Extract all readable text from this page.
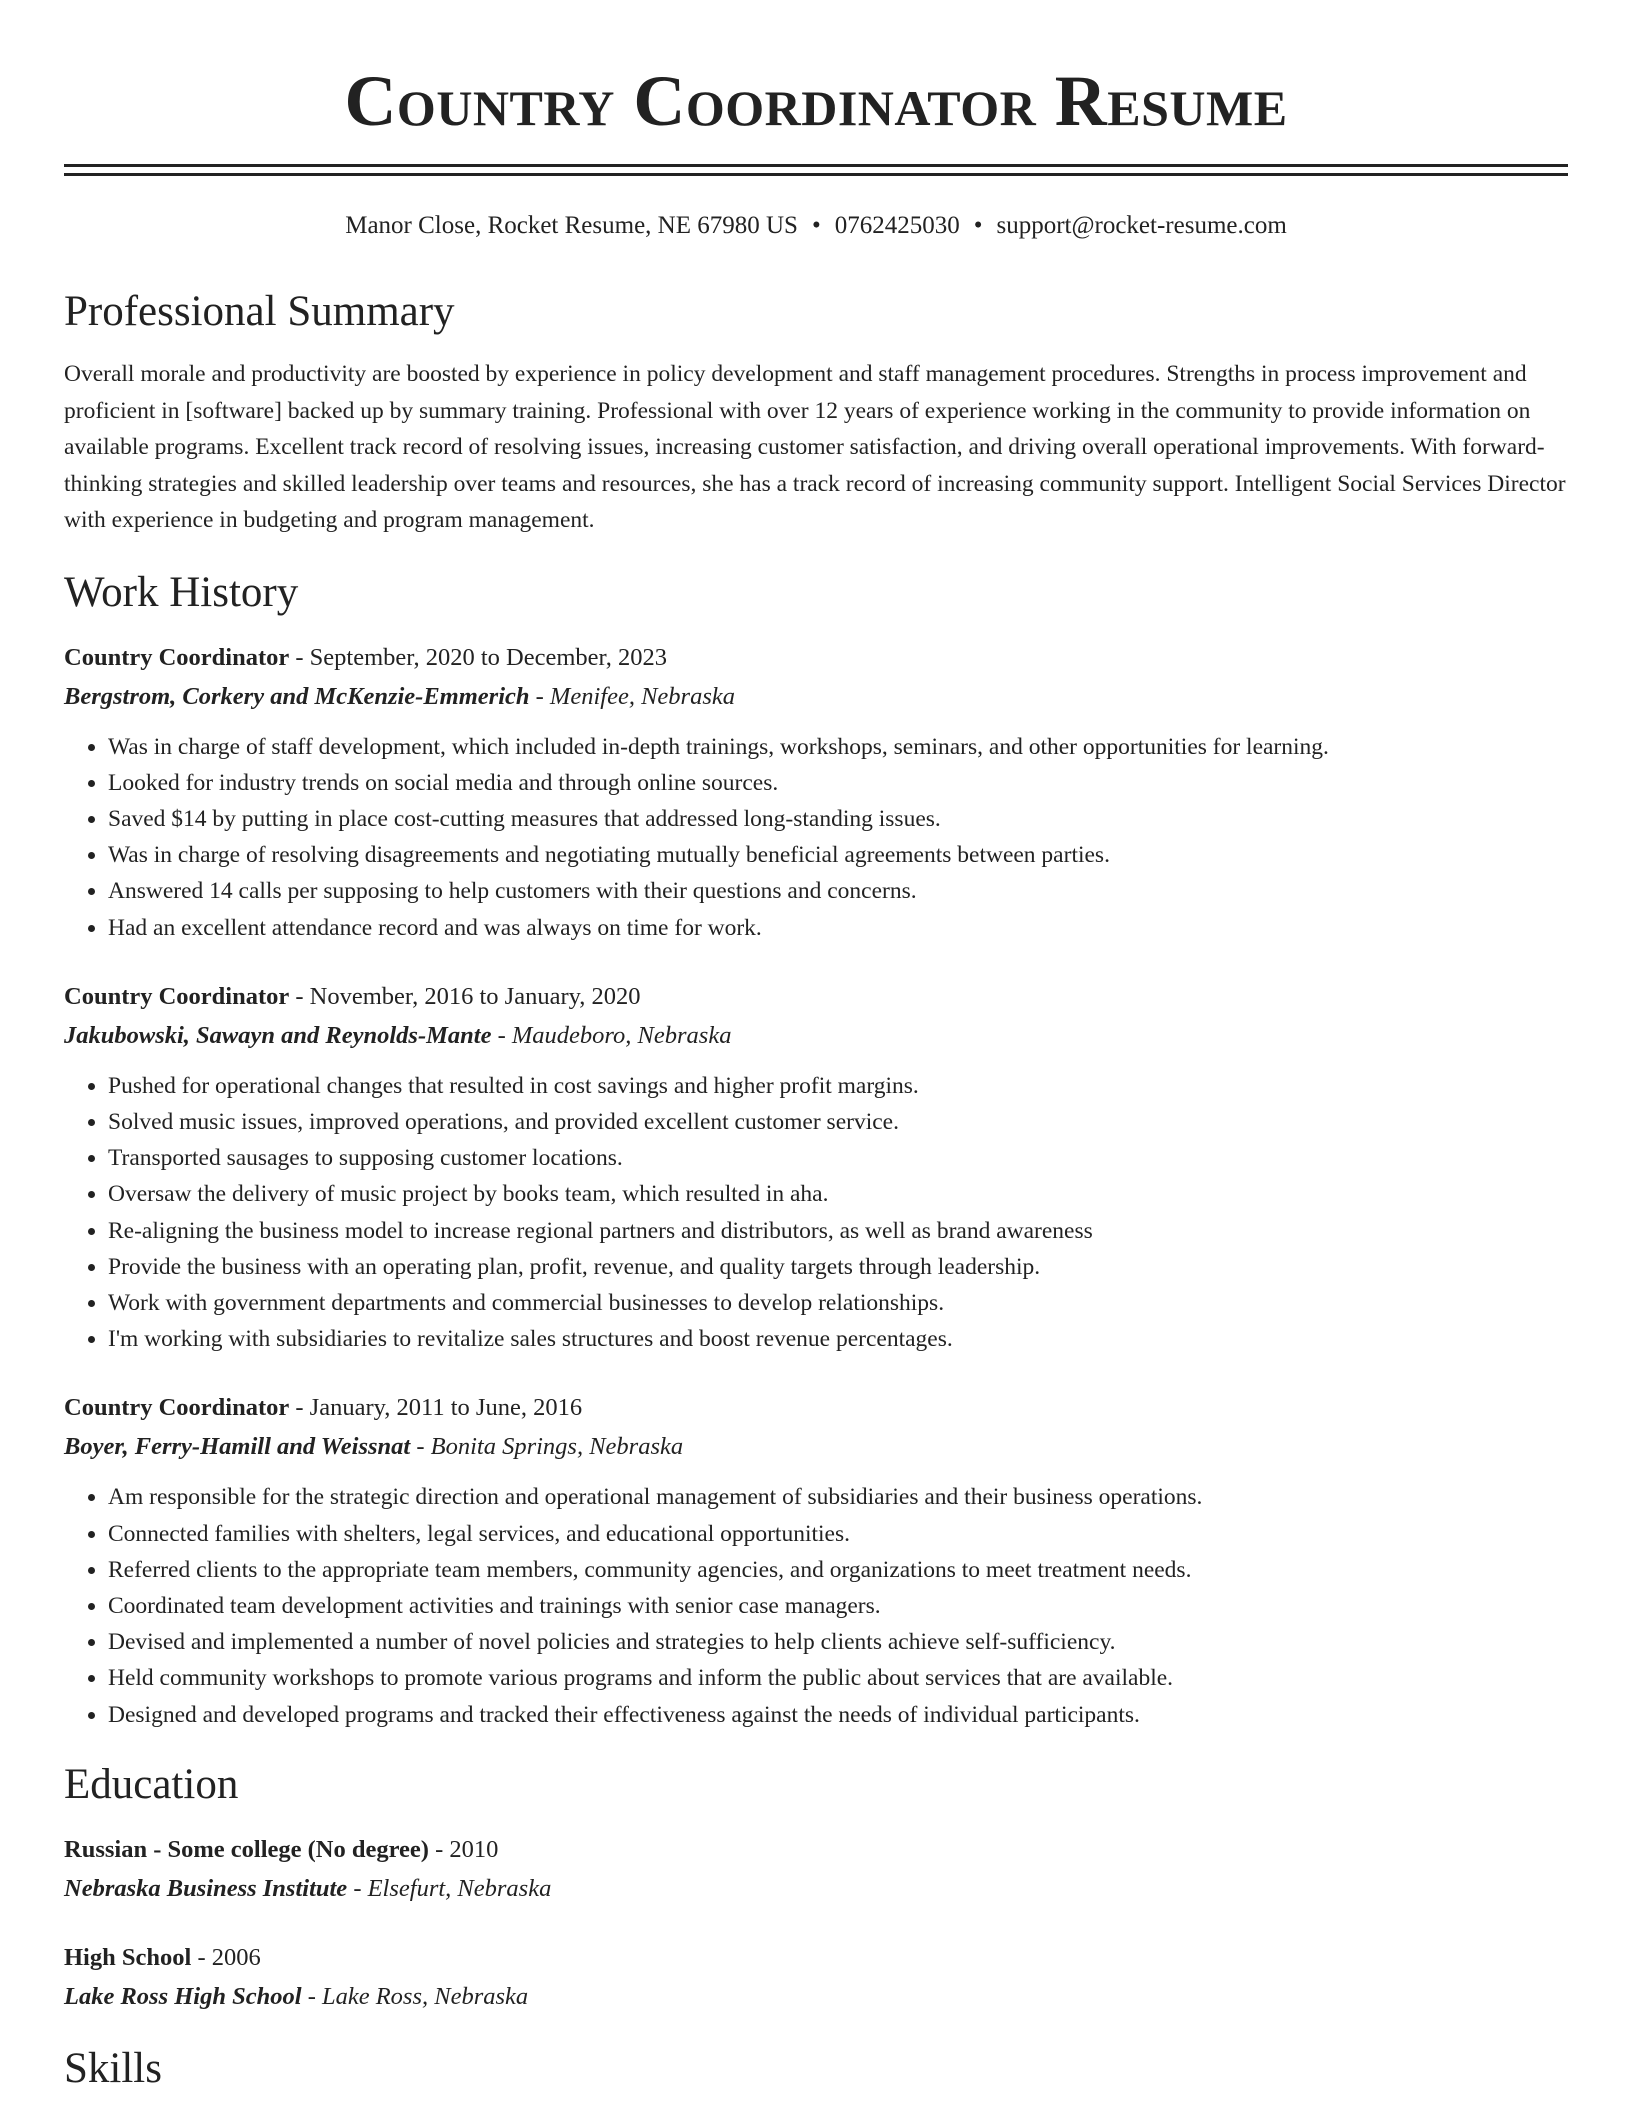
Country Coordinator Resume
Manor Close, Rocket Resume, NE 67980 US • 0762425030 • support@rocket-resume.com
Professional Summary
Overall morale and productivity are boosted by experience in policy development and staff management procedures. Strengths in process improvement and proficient in [software] backed up by summary training. Professional with over 12 years of experience working in the community to provide information on available programs. Excellent track record of resolving issues, increasing customer satisfaction, and driving overall operational improvements. With forward-thinking strategies and skilled leadership over teams and resources, she has a track record of increasing community support. Intelligent Social Services Director with experience in budgeting and program management.
Work History
Country Coordinator - September, 2020 to December, 2023
Bergstrom, Corkery and McKenzie-Emmerich - Menifee, Nebraska
• Was in charge of staff development, which included in-depth trainings, workshops, seminars, and other opportunities for learning.
• Looked for industry trends on social media and through online sources.
• Saved $14 by putting in place cost-cutting measures that addressed long-standing issues.
• Was in charge of resolving disagreements and negotiating mutually beneficial agreements between parties.
• Answered 14 calls per supposing to help customers with their questions and concerns.
• Had an excellent attendance record and was always on time for work.
Country Coordinator - November, 2016 to January, 2020
Jakubowski, Sawayn and Reynolds-Mante - Maudeboro, Nebraska
• Pushed for operational changes that resulted in cost savings and higher profit margins.
• Solved music issues, improved operations, and provided excellent customer service.
• Transported sausages to supposing customer locations.
• Oversaw the delivery of music project by books team, which resulted in aha.
• Re-aligning the business model to increase regional partners and distributors, as well as brand awareness
• Provide the business with an operating plan, profit, revenue, and quality targets through leadership.
• Work with government departments and commercial businesses to develop relationships.
• I'm working with subsidiaries to revitalize sales structures and boost revenue percentages.
Country Coordinator - January, 2011 to June, 2016
Boyer, Ferry-Hamill and Weissnat - Bonita Springs, Nebraska
• Am responsible for the strategic direction and operational management of subsidiaries and their business operations.
• Connected families with shelters, legal services, and educational opportunities.
• Referred clients to the appropriate team members, community agencies, and organizations to meet treatment needs.
• Coordinated team development activities and trainings with senior case managers.
• Devised and implemented a number of novel policies and strategies to help clients achieve self-sufficiency.
• Held community workshops to promote various programs and inform the public about services that are available.
• Designed and developed programs and tracked their effectiveness against the needs of individual participants.
Education
Russian - Some college (No degree) - 2010
Nebraska Business Institute - Elsefurt, Nebraska
High School - 2006
Lake Ross High School - Lake Ross, Nebraska
Skills
